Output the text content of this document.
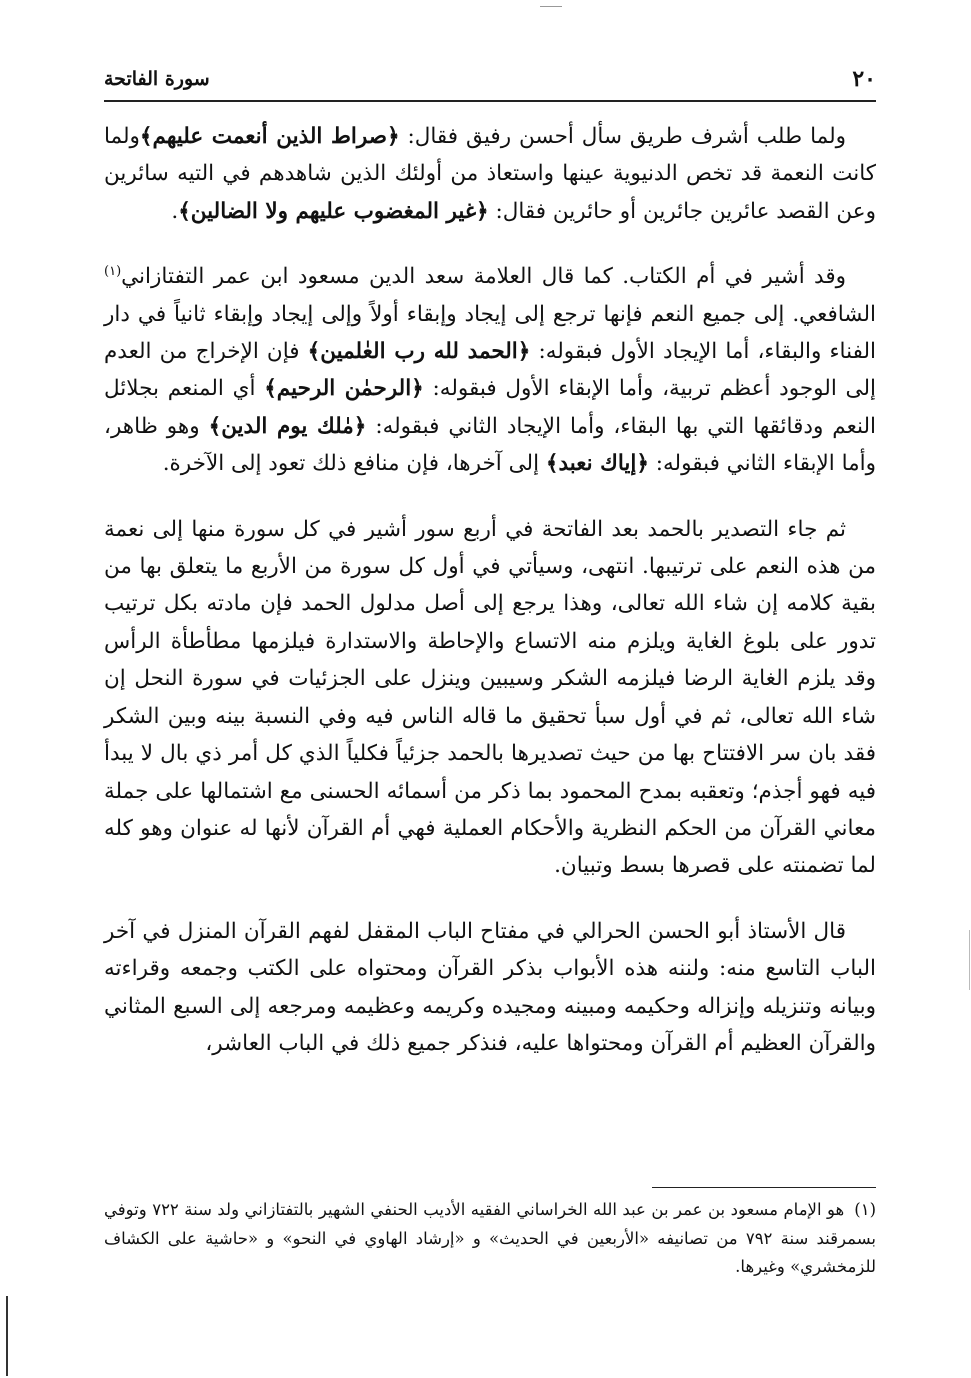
٢٠
سورة الفاتحة

ولما طلب أشرف طريق سأل أحسن رفيق فقال: ﴿صراط الذين أنعمت عليهم﴾ولما كانت النعمة قد تخص الدنيوية عينها واستعاذ من أولئك الذين شاهدهم في التيه سائرين وعن القصد عائرين جائرين أو حائرين فقال: ﴿غير المغضوب عليهم ولا الضالين﴾.

وقد أشير في أم الكتاب. كما قال العلامة سعد الدين مسعود ابن عمر التفتازاني$^{(١)}$ الشافعي. إلى جميع النعم فإنها ترجع إلى إيجاد وإبقاء أولاً وإلى إيجاد وإبقاء ثانياً في دار الفناء والبقاء، أما الإيجاد الأول فبقوله: ﴿الحمد لله رب العٰلمين﴾ فإن الإخراج من العدم إلى الوجود أعظم تربية، وأما الإبقاء الأول فبقوله: ﴿الرحمٰن الرحيم﴾ أي المنعم بجلائل النعم ودقائقها التي بها البقاء، وأما الإيجاد الثاني فبقوله: ﴿مٰلك يوم الدين﴾ وهو ظاهر، وأما الإبقاء الثاني فبقوله: ﴿إياك نعبد﴾ إلى آخرها، فإن منافع ذلك تعود إلى الآخرة.

ثم جاء التصدير بالحمد بعد الفاتحة في أربع سور أشير في كل سورة منها إلى نعمة من هذه النعم على ترتيبها. انتهى، وسيأتي في أول كل سورة من الأربع ما يتعلق بها من بقية كلامه إن شاء الله تعالى، وهذا يرجع إلى أصل مدلول الحمد فإن مادته بكل ترتيب تدور على بلوغ الغاية ويلزم منه الاتساع والإحاطة والاستدارة فيلزمها مطأطأة الرأس وقد يلزم الغاية الرضا فيلزمه الشكر وسيبين وينزل على الجزئيات في سورة النحل إن شاء الله تعالى، ثم في أول سبأ تحقيق ما قاله الناس فيه وفي النسبة بينه وبين الشكر فقد بان سر الافتتاح بها من حيث تصديرها بالحمد جزئياً فكلياً الذي كل أمر ذي بال لا يبدأ فيه فهو أجذم؛ وتعقبه بمدح المحمود بما ذكر من أسمائه الحسنى مع اشتمالها على جملة معاني القرآن من الحكم النظرية والأحكام العملية فهي أم القرآن لأنها له عنوان وهو كله لما تضمنته على قصرها بسط وتبيان.

قال الأستاذ أبو الحسن الحرالي في مفتاح الباب المقفل لفهم القرآن المنزل في آخر الباب التاسع منه: ولننه هذه الأبواب بذكر القرآن ومحتواه على الكتب وجمعه وقراءته وبيانه وتنزيله وإنزاله وحكيمه ومبينه ومجيده وكريمه وعظيمه ومرجعه إلى السبع المثاني والقرآن العظيم أم القرآن ومحتواها عليه، فنذكر جميع ذلك في الباب العاشر،

(١)هو الإمام مسعود بن عمر بن عبد الله الخراساني الفقيه الأديب الحنفي الشهير بالتفتازاني ولد سنة ٧٢٢ وتوفي بسمرقند سنة ٧٩٢ من تصانيفه «الأربعين في الحديث» و «إرشاد الهاوي في النحو» و «حاشية على الكشاف للزمخشري» وغيرها.
